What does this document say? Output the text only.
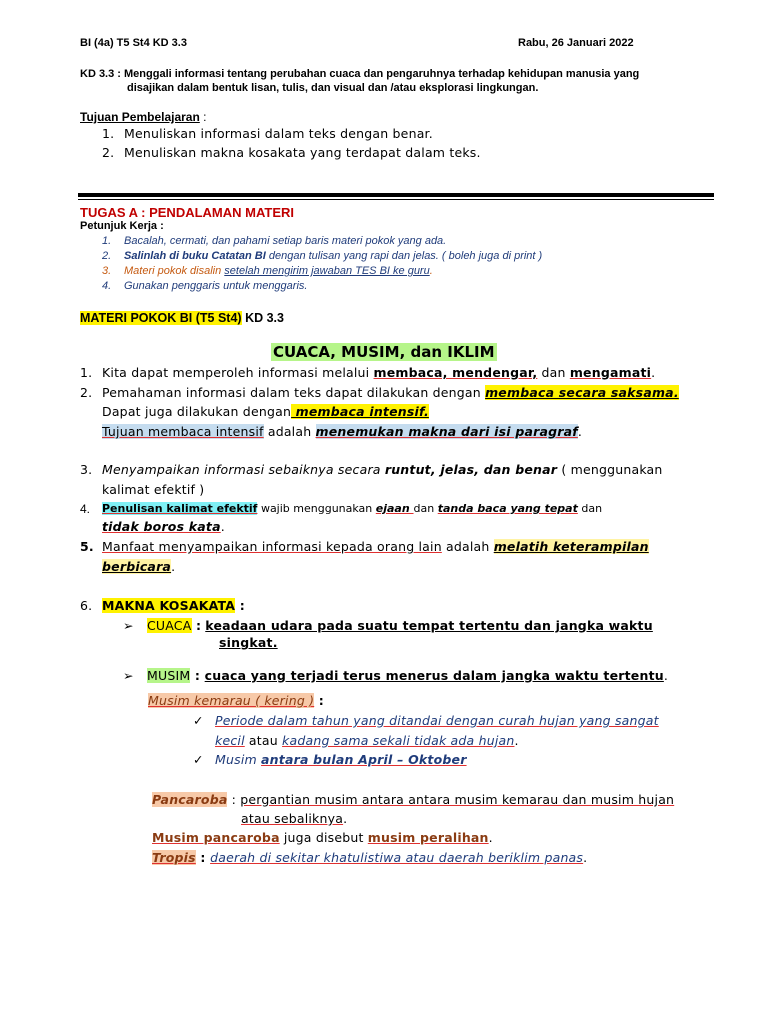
BI (4a) T5 St4 KD 3.3	Rabu, 26 Januari 2022
KD 3.3 : Menggali informasi tentang perubahan cuaca dan pengaruhnya terhadap kehidupan manusia yang
disajikan dalam bentuk lisan, tulis, dan visual dan /atau eksplorasi lingkungan.
Tujuan Pembelajaran :
1. Menuliskan informasi dalam teks dengan benar.
2. Menuliskan makna kosakata yang terdapat dalam teks.
TUGAS A : PENDALAMAN MATERI
Petunjuk Kerja :
1. Bacalah, cermati, dan pahami setiap baris materi pokok yang ada.
2. Salinlah di buku Catatan BI dengan tulisan yang rapi dan jelas. ( boleh juga di print )
3. Materi pokok disalin setelah mengirim jawaban TES BI ke guru.
4. Gunakan penggaris untuk menggaris.
MATERI POKOK BI (T5 St4) KD 3.3
CUACA, MUSIM, dan IKLIM
1. Kita dapat memperoleh informasi melalui membaca, mendengar, dan mengamati.
2. Pemahaman informasi dalam teks dapat dilakukan dengan membaca secara saksama.
Dapat juga dilakukan dengan membaca intensif.
Tujuan membaca intensif adalah menemukan makna dari isi paragraf.
3. Menyampaikan informasi sebaiknya secara runtut, jelas, dan benar ( menggunakan
kalimat efektif )
4. Penulisan kalimat efektif wajib menggunakan ejaan dan tanda baca yang tepat dan
tidak boros kata.
5. Manfaat menyampaikan informasi kepada orang lain adalah melatih keterampilan
berbicara.
6. MAKNA KOSAKATA :
➢ CUACA : keadaan udara pada suatu tempat tertentu dan jangka waktu
singkat.
➢ MUSIM : cuaca yang terjadi terus menerus dalam jangka waktu tertentu.
Musim kemarau ( kering ) :
✓ Periode dalam tahun yang ditandai dengan curah hujan yang sangat
kecil atau kadang sama sekali tidak ada hujan.
✓ Musim antara bulan April – Oktober
Pancaroba : pergantian musim antara antara musim kemarau dan musim hujan
atau sebaliknya.
Musim pancaroba juga disebut musim peralihan.
Tropis : daerah di sekitar khatulistiwa atau daerah beriklim panas.
